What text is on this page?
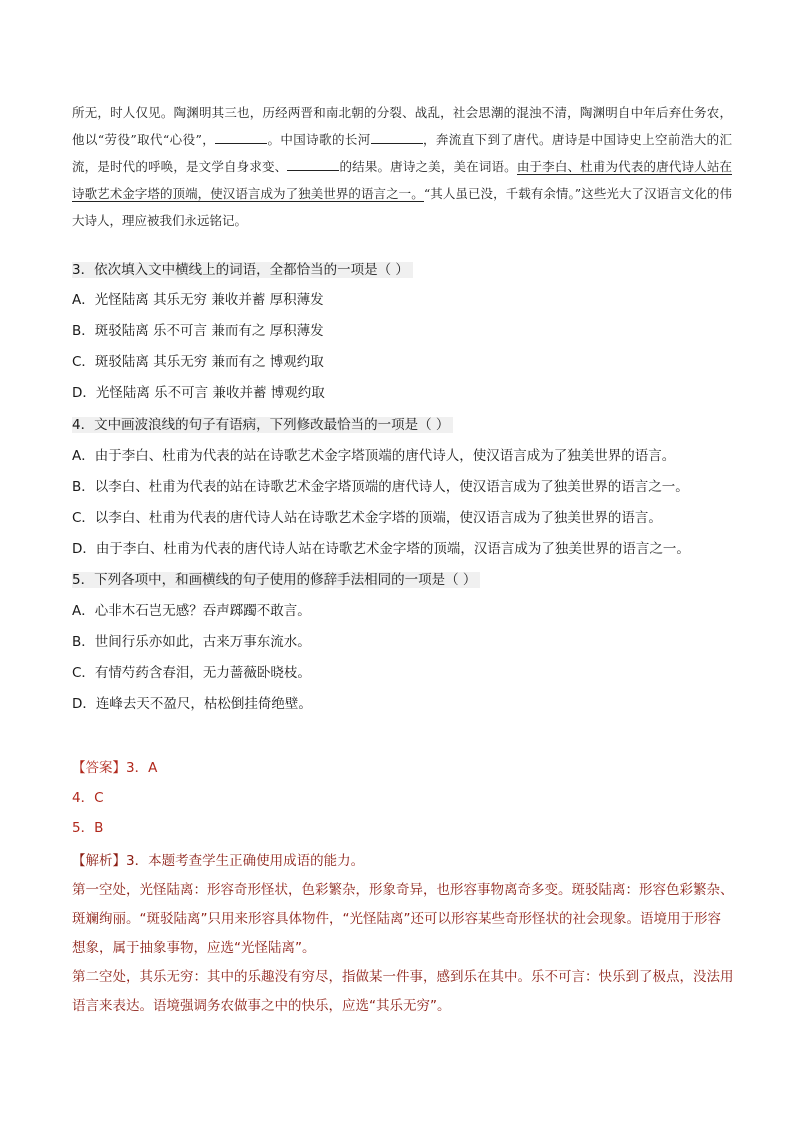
所无，时人仅见。陶渊明其三也，历经两晋和南北朝的分裂、战乱，社会思潮的混浊不清，陶渊明自中年后弃仕务农，他以“劳役”取代“心役”，	。中国诗歌的长河	，奔流直下到了唐代。唐诗是中国诗史上空前浩大的汇流，是时代的呼唤，是文学自身求变、	的结果。唐诗之美，美在词语。由于李白、杜甫为代表的唐代诗人站在诗歌艺术金字塔的顶端，使汉语言成为了独美世界的语言之一。“其人虽已没，千载有余情。”这些光大了汉语言文化的伟大诗人，理应被我们永远铭记。
3．依次填入文中横线上的词语，全都恰当的一项是（ ）
A．光怪陆离 其乐无穷 兼收并蓄 厚积薄发
B．斑驳陆离 乐不可言 兼而有之 厚积薄发
C．斑驳陆离 其乐无穷 兼而有之 博观约取
D．光怪陆离 乐不可言 兼收并蓄 博观约取
4．文中画波浪线的句子有语病，下列修改最恰当的一项是（ ）
A．由于李白、杜甫为代表的站在诗歌艺术金字塔顶端的唐代诗人，使汉语言成为了独美世界的语言。
B．以李白、杜甫为代表的站在诗歌艺术金字塔顶端的唐代诗人，使汉语言成为了独美世界的语言之一。
C．以李白、杜甫为代表的唐代诗人站在诗歌艺术金字塔的顶端，使汉语言成为了独美世界的语言。
D．由于李白、杜甫为代表的唐代诗人站在诗歌艺术金字塔的顶端，汉语言成为了独美世界的语言之一。
5．下列各项中，和画横线的句子使用的修辞手法相同的一项是（ ）
A．心非木石岂无感？吞声踯躅不敢言。
B．世间行乐亦如此，古来万事东流水。
C．有情芍药含春泪，无力蔷薇卧晓枝。
D．连峰去天不盈尺，枯松倒挂倚绝壁。
【答案】3．A
4．C
5．B

【解析】3．本题考查学生正确使用成语的能力。

第一空处，光怪陆离：形容奇形怪状，色彩繁杂，形象奇异，也形容事物离奇多变。斑驳陆离：形容色彩繁杂、斑斓绚丽。“斑驳陆离”只用来形容具体物件，“光怪陆离”还可以形容某些奇形怪状的社会现象。语境用于形容想象，属于抽象事物，应选“光怪陆离”。

第二空处，其乐无穷：其中的乐趣没有穷尽，指做某一件事，感到乐在其中。乐不可言：快乐到了极点，没法用语言来表达。语境强调务农做事之中的快乐，应选“其乐无穷”。
